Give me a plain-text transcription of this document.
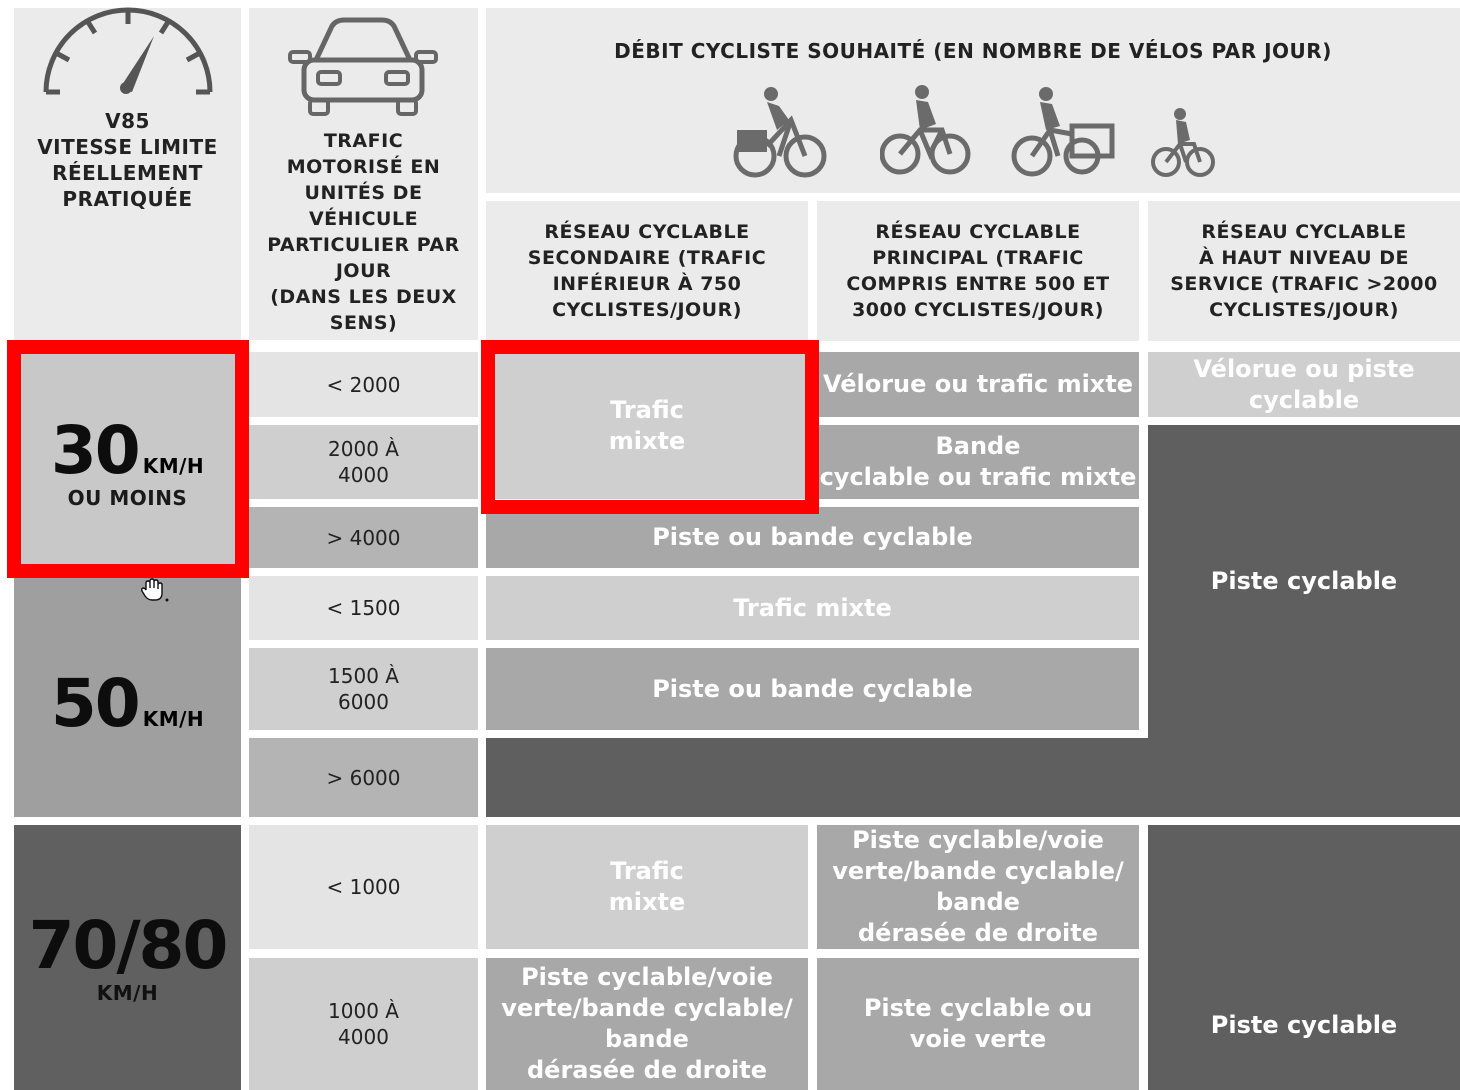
V85
VITESSE LIMITE
RÉELLEMENT
PRATIQUÉE
TRAFIC
MOTORISÉ EN
UNITÉS DE
VÉHICULE
PARTICULIER PAR
JOUR
(DANS LES DEUX
SENS)
DÉBIT CYCLISTE SOUHAITÉ (EN NOMBRE DE VÉLOS PAR JOUR)
RÉSEAU CYCLABLE
SECONDAIRE (TRAFIC
INFÉRIEUR À 750
CYCLISTES/JOUR)
RÉSEAU CYCLABLE
PRINCIPAL (TRAFIC
COMPRIS ENTRE 500 ET
3000 CYCLISTES/JOUR)
RÉSEAU CYCLABLE
À HAUT NIVEAU DE
SERVICE (TRAFIC >2000
CYCLISTES/JOUR)
30 KM/H
OU MOINS
50 KM/H
70/80
KM/H
< 2000
2000 À
4000
> 4000
< 1500
1500 À
6000
> 6000
< 1000
1000 À
4000
Trafic
mixte
Vélorue ou trafic mixte
Vélorue ou piste
cyclable
Bande
cyclable ou trafic mixte
Piste ou bande cyclable
Trafic mixte
Piste ou bande cyclable
Piste cyclable
Trafic
mixte
Piste cyclable/voie
verte/bande cyclable/
bande
dérasée de droite
Piste cyclable/voie
verte/bande cyclable/
bande
dérasée de droite
Piste cyclable ou
voie verte
Piste cyclable
